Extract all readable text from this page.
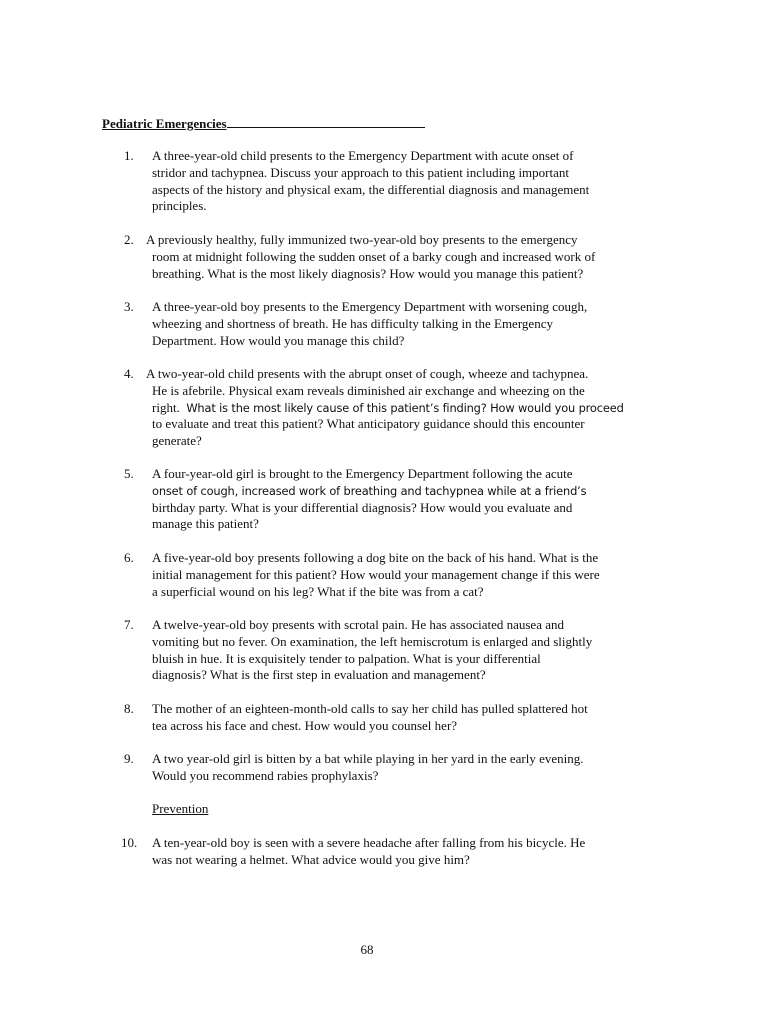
Pediatric Emergencies
1. A three-year-old child presents to the Emergency Department with acute onset of
stridor and tachypnea. Discuss your approach to this patient including important
aspects of the history and physical exam, the differential diagnosis and management
principles.
2. A previously healthy, fully immunized two-year-old boy presents to the emergency
room at midnight following the sudden onset of a barky cough and increased work of
breathing. What is the most likely diagnosis? How would you manage this patient?
3. A three-year-old boy presents to the Emergency Department with worsening cough,
wheezing and shortness of breath. He has difficulty talking in the Emergency
Department. How would you manage this child?
4. A two-year-old child presents with the abrupt onset of cough, wheeze and tachypnea.
He is afebrile. Physical exam reveals diminished air exchange and wheezing on the
right. What is the most likely cause of this patient’s finding? How would you proceed
to evaluate and treat this patient? What anticipatory guidance should this encounter
generate?
5. A four-year-old girl is brought to the Emergency Department following the acute
onset of cough, increased work of breathing and tachypnea while at a friend’s
birthday party. What is your differential diagnosis? How would you evaluate and
manage this patient?
6. A five-year-old boy presents following a dog bite on the back of his hand. What is the
initial management for this patient? How would your management change if this were
a superficial wound on his leg? What if the bite was from a cat?
7. A twelve-year-old boy presents with scrotal pain. He has associated nausea and
vomiting but no fever. On examination, the left hemiscrotum is enlarged and slightly
bluish in hue. It is exquisitely tender to palpation. What is your differential
diagnosis? What is the first step in evaluation and management?
8. The mother of an eighteen-month-old calls to say her child has pulled splattered hot
tea across his face and chest. How would you counsel her?
9. A two year-old girl is bitten by a bat while playing in her yard in the early evening.
Would you recommend rabies prophylaxis?
Prevention
10. A ten-year-old boy is seen with a severe headache after falling from his bicycle. He
was not wearing a helmet. What advice would you give him?
68
